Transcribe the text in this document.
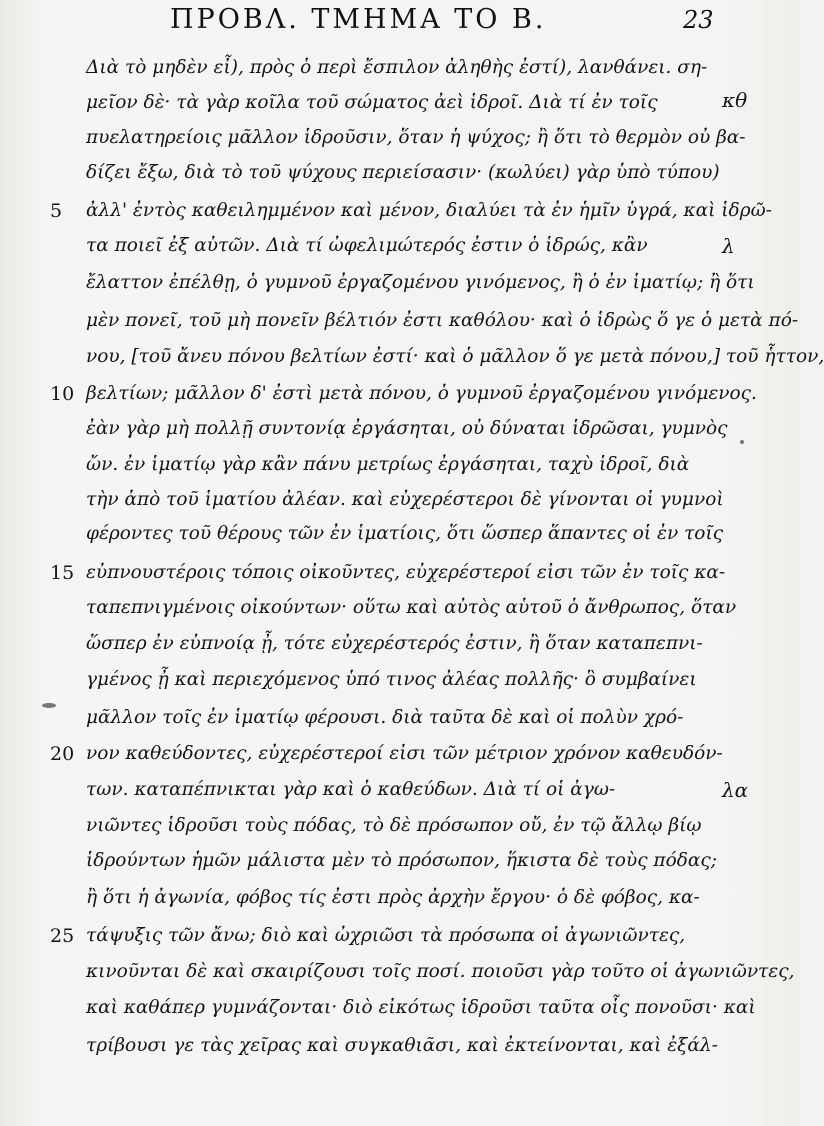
ΠΡΟΒΛ. ΤΜΗΜΑ ΤΟ Β.	23
Διὰ τὸ μηδὲν εἶ), πρὸς ὁ περὶ ἔσπιλον ἀληθὴς ἐστί), λανθάνει. ση-
μεῖον δὲ· τὰ γὰρ κοῖλα τοῦ σώματος ἀεὶ ἱδροῖ. Διὰ τί ἐν τοῖς
πυελατηρείοις μᾶλλον ἱδροῦσιν, ὅταν ἡ ψύχος; ἢ ὅτι τὸ θερμὸν οὐ βα-
δίζει ἔξω, διὰ τὸ τοῦ ψύχους περιείσασιν· (κωλύει) γὰρ ὑπὸ τύπου)
ἀλλ' ἐντὸς καθειλημμένον καὶ μένον, διαλύει τὰ ἐν ἡμῖν ὑγρά, καὶ ἱδρῶ-
τα ποιεῖ ἐξ αὐτῶν. Διὰ τί ὠφελιμώτερός ἐστιν ὁ ἱδρώς, κἂν
ἔλαττον ἐπέλθῃ, ὁ γυμνοῦ ἐργαζομένου γινόμενος, ἢ ὁ ἐν ἱματίῳ; ἢ ὅτι
μὲν πονεῖ, τοῦ μὴ πονεῖν βέλτιόν ἐστι καθόλου· καὶ ὁ ἱδρὼς ὅ γε ὁ μετὰ πό-
νου, [τοῦ ἄνευ πόνου βελτίων ἐστί· καὶ ὁ μᾶλλον ὅ γε μετὰ πόνου,] τοῦ ἧττον,
βελτίων; μᾶλλον δ' ἐστὶ μετὰ πόνου, ὁ γυμνοῦ ἐργαζομένου γινόμενος.
ἐὰν γὰρ μὴ πολλῇ συντονίᾳ ἐργάσηται, οὐ δύναται ἱδρῶσαι, γυμνὸς
ὤν. ἐν ἱματίῳ γὰρ κἂν πάνυ μετρίως ἐργάσηται, ταχὺ ἱδροῖ, διὰ
τὴν ἀπὸ τοῦ ἱματίου ἀλέαν. καὶ εὐχερέστεροι δὲ γίνονται οἱ γυμνοὶ
φέροντες τοῦ θέρους τῶν ἐν ἱματίοις, ὅτι ὥσπερ ἅπαντες οἱ ἐν τοῖς
εὐπνουστέροις τόποις οἰκοῦντες, εὐχερέστεροί εἰσι τῶν ἐν τοῖς κα-
ταπεπνιγμένοις οἰκούντων· οὕτω καὶ αὐτὸς αὑτοῦ ὁ ἄνθρωπος, ὅταν
ὥσπερ ἐν εὐπνοίᾳ ᾖ, τότε εὐχερέστερός ἐστιν, ἢ ὅταν καταπεπνι-
γμένος ᾖ καὶ περιεχόμενος ὑπό τινος ἀλέας πολλῆς· ὃ συμβαίνει
μᾶλλον τοῖς ἐν ἱματίῳ φέρουσι. διὰ ταῦτα δὲ καὶ οἱ πολὺν χρό-
νον καθεύδοντες, εὐχερέστεροί εἰσι τῶν μέτριον χρόνον καθευδόν-
των. καταπέπνικται γὰρ καὶ ὁ καθεύδων. Διὰ τί οἱ ἀγω-
νιῶντες ἱδροῦσι τοὺς πόδας, τὸ δὲ πρόσωπον οὔ, ἐν τῷ ἄλλῳ βίῳ
ἱδρούντων ἡμῶν μάλιστα μὲν τὸ πρόσωπον, ἥκιστα δὲ τοὺς πόδας;
ἢ ὅτι ἡ ἀγωνία, φόβος τίς ἐστι πρὸς ἀρχὴν ἔργου· ὁ δὲ φόβος, κα-
τάψυξις τῶν ἄνω; διὸ καὶ ὠχριῶσι τὰ πρόσωπα οἱ ἀγωνιῶντες,
κινοῦνται δὲ καὶ σκαιρίζουσι τοῖς ποσί. ποιοῦσι γὰρ τοῦτο οἱ ἀγωνιῶντες,
καὶ καθάπερ γυμνάζονται· διὸ εἰκότως ἱδροῦσι ταῦτα οἷς πονοῦσι· καὶ
τρίβουσι γε τὰς χεῖρας καὶ συγκαθιᾶσι, καὶ ἐκτείνονται, καὶ ἐξάλ-
5
10
15
20
25
κθ
λ
λα
